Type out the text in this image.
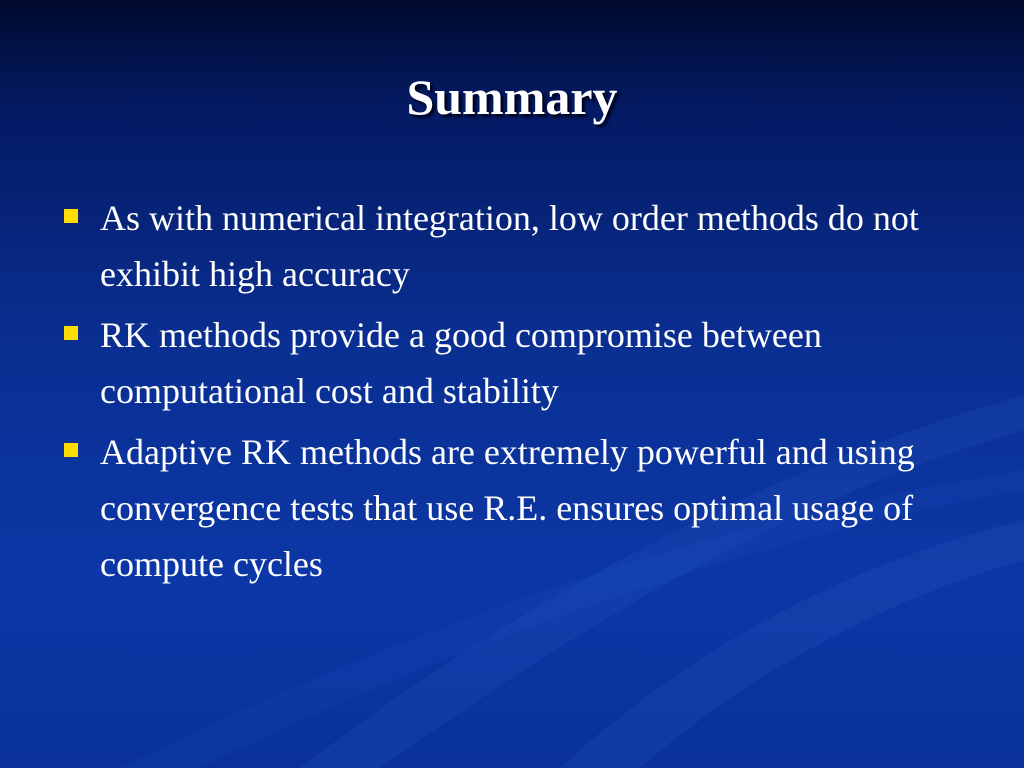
Summary
As with numerical integration, low order methods do not exhibit high accuracy
RK methods provide a good compromise between computational cost and stability
Adaptive RK methods are extremely powerful and using convergence tests that use R.E. ensures optimal usage of compute cycles
